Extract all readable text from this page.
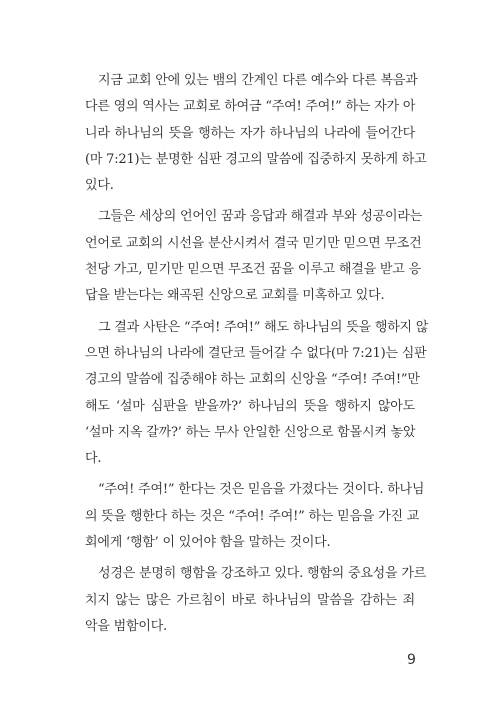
지금 교회 안에 있는 뱀의 간계인 다른 예수와 다른 복음과
다른 영의 역사는 교회로 하여금 “주여! 주여!” 하는 자가 아
니라 하나님의 뜻을 행하는 자가 하나님의 나라에 들어간다
(마 7:21)는 분명한 심판 경고의 말씀에 집중하지 못하게 하고
있다.
그들은 세상의 언어인 꿈과 응답과 해결과 부와 성공이라는
언어로 교회의 시선을 분산시켜서 결국 믿기만 믿으면 무조건
천당 가고, 믿기만 믿으면 무조건 꿈을 이루고 해결을 받고 응
답을 받는다는 왜곡된 신앙으로 교회를 미혹하고 있다.
그 결과 사탄은 “주여! 주여!” 해도 하나님의 뜻을 행하지 않
으면 하나님의 나라에 결단코 들어갈 수 없다(마 7:21)는 심판
경고의 말씀에 집중해야 하는 교회의 신앙을 “주여! 주여!”만
해도 ‘설마 심판을 받을까?’ 하나님의 뜻을 행하지 않아도
‘설마 지옥 갈까?’ 하는 무사 안일한 신앙으로 함몰시켜 놓았
다.
“주여! 주여!” 한다는 것은 믿음을 가졌다는 것이다. 하나님
의 뜻을 행한다 하는 것은 “주여! 주여!” 하는 믿음을 가진 교
회에게 ‘행함’ 이 있어야 함을 말하는 것이다.
성경은 분명히 행함을 강조하고 있다. 행함의 중요성을 가르
치지 않는 많은 가르침이 바로 하나님의 말씀을 감하는 죄
악을 범함이다.
9
